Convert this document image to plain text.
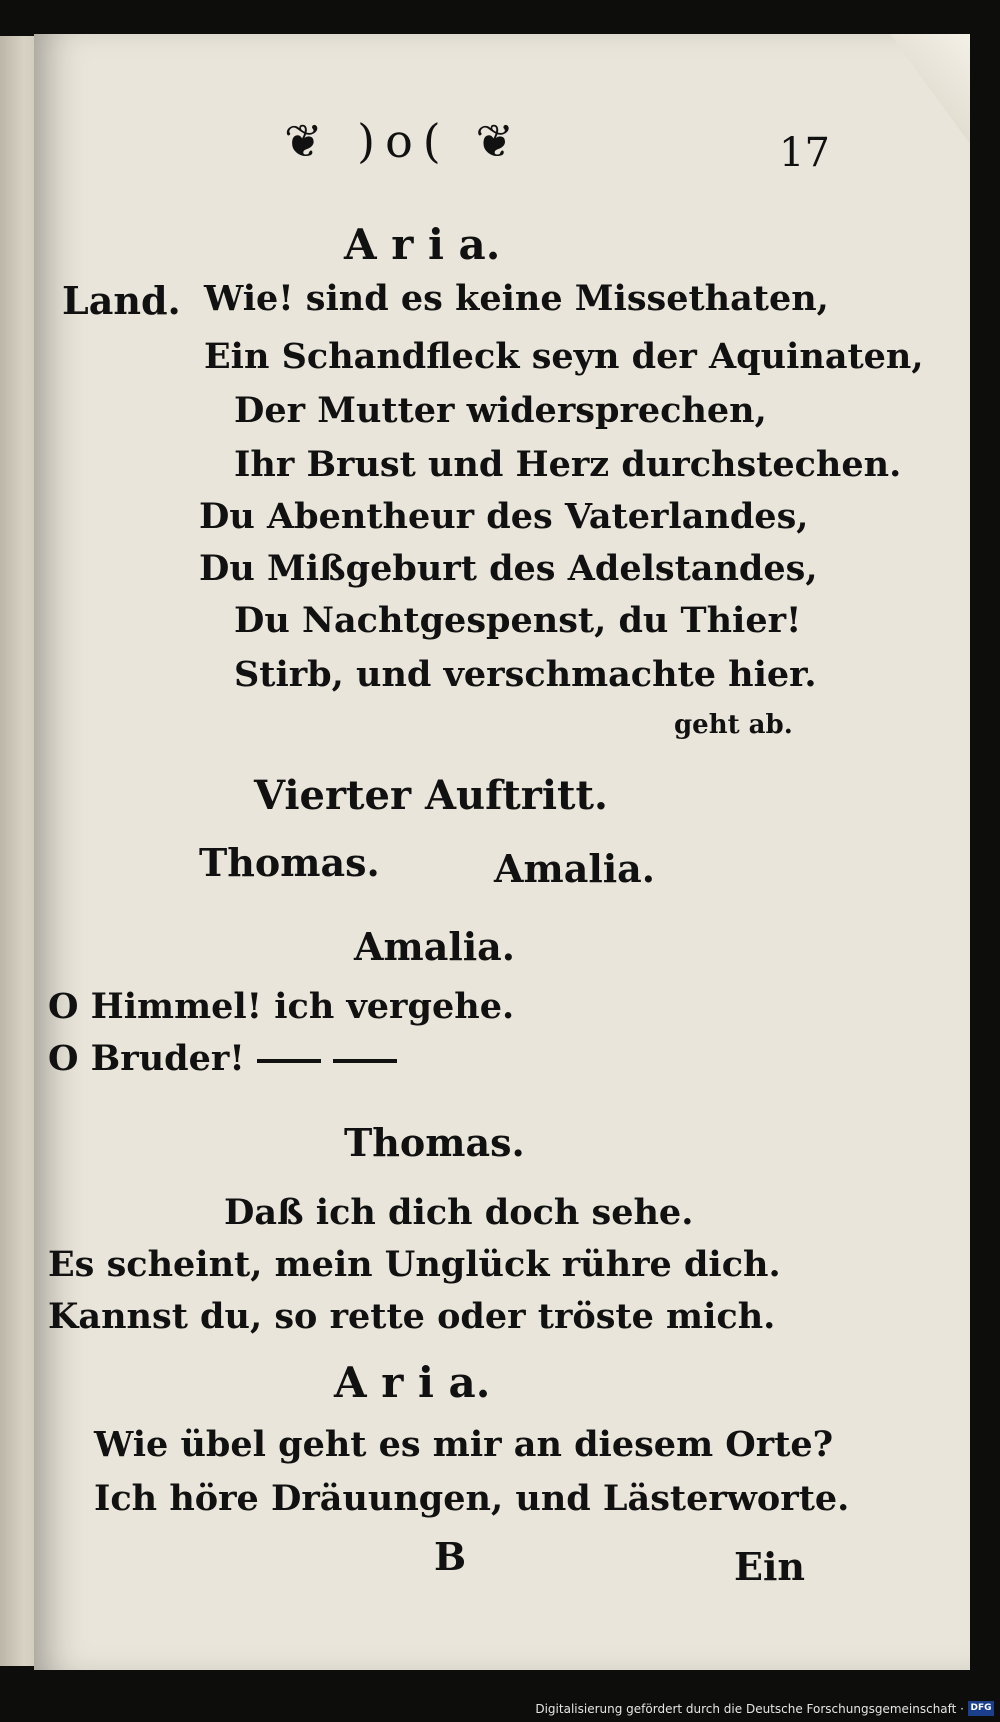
❦ )o( ❦	17
A r i a.
Land. Wie! sind es keine Missethaten,
Ein Schandfleck seyn der Aquinaten,
Der Mutter widersprechen,
Ihr Brust und Herz durchstechen.
Du Abentheur des Vaterlandes,
Du Mißgeburt des Adelstandes,
Du Nachtgespenst, du Thier!
Stirb, und verschmachte hier.
geht ab.
Vierter Auftritt.
Thomas.	Amalia.
Amalia.
O Himmel! ich vergehe.
O Bruder!
Thomas.
Daß ich dich doch sehe.
Es scheint, mein Unglück rühre dich.
Kannst du, so rette oder tröste mich.
A r i a.
Wie übel geht es mir an diesem Orte?
Ich höre Dräuungen, und Lästerworte.
B	Ein
Digitalisierung gefördert durch die Deutsche Forschungsgemeinschaft · DFG
